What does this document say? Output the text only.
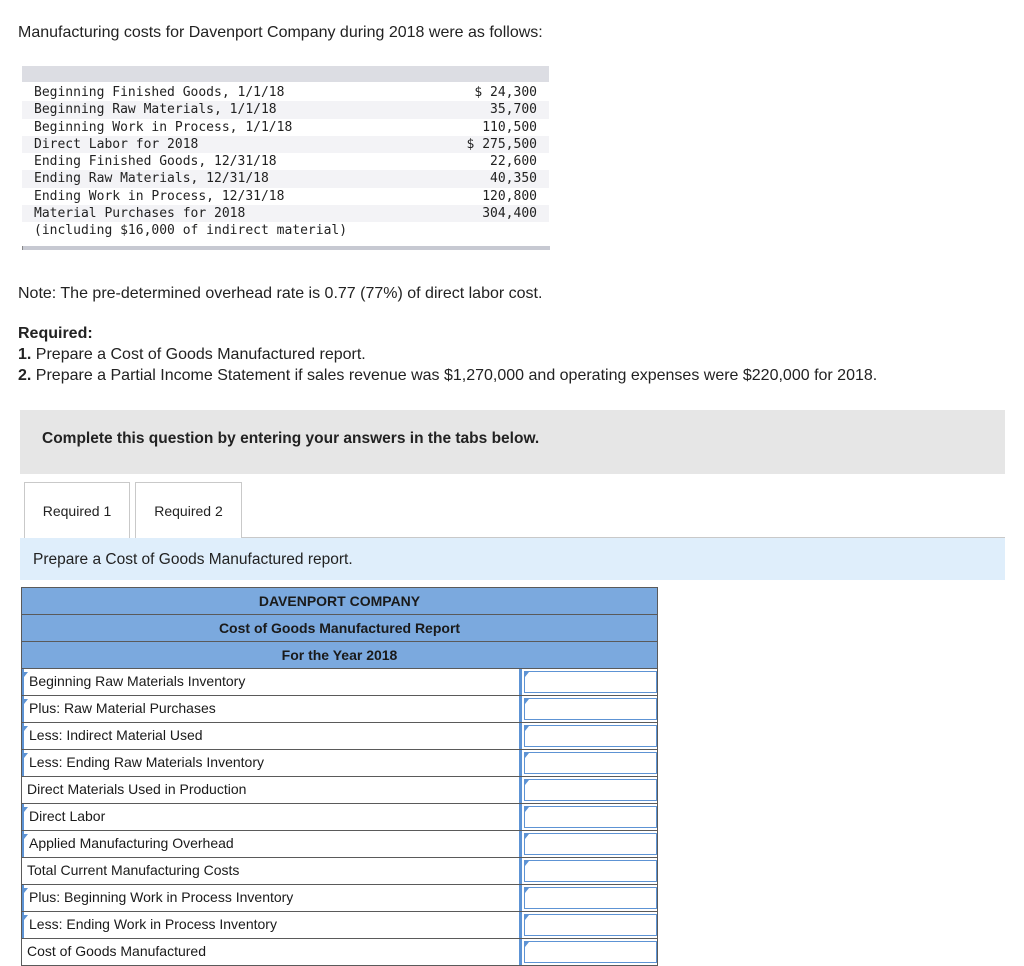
Manufacturing costs for Davenport Company during 2018 were as follows:
Beginning Finished Goods, 1/1/18	$ 24,300
Beginning Raw Materials, 1/1/18	35,700
Beginning Work in Process, 1/1/18	110,500
Direct Labor for 2018	$ 275,500
Ending Finished Goods, 12/31/18	22,600
Ending Raw Materials, 12/31/18	40,350
Ending Work in Process, 12/31/18	120,800
Material Purchases for 2018	304,400
(including $16,000 of indirect material)
Note: The pre-determined overhead rate is 0.77 (77%) of direct labor cost.
Required:
1. Prepare a Cost of Goods Manufactured report.
2. Prepare a Partial Income Statement if sales revenue was $1,270,000 and operating expenses were $220,000 for 2018.
Complete this question by entering your answers in the tabs below.
Required 1	Required 2
Prepare a Cost of Goods Manufactured report.
DAVENPORT COMPANY
Cost of Goods Manufactured Report
For the Year 2018
Beginning Raw Materials Inventory
Plus: Raw Material Purchases
Less: Indirect Material Used
Less: Ending Raw Materials Inventory
Direct Materials Used in Production
Direct Labor
Applied Manufacturing Overhead
Total Current Manufacturing Costs
Plus: Beginning Work in Process Inventory
Less: Ending Work in Process Inventory
Cost of Goods Manufactured
